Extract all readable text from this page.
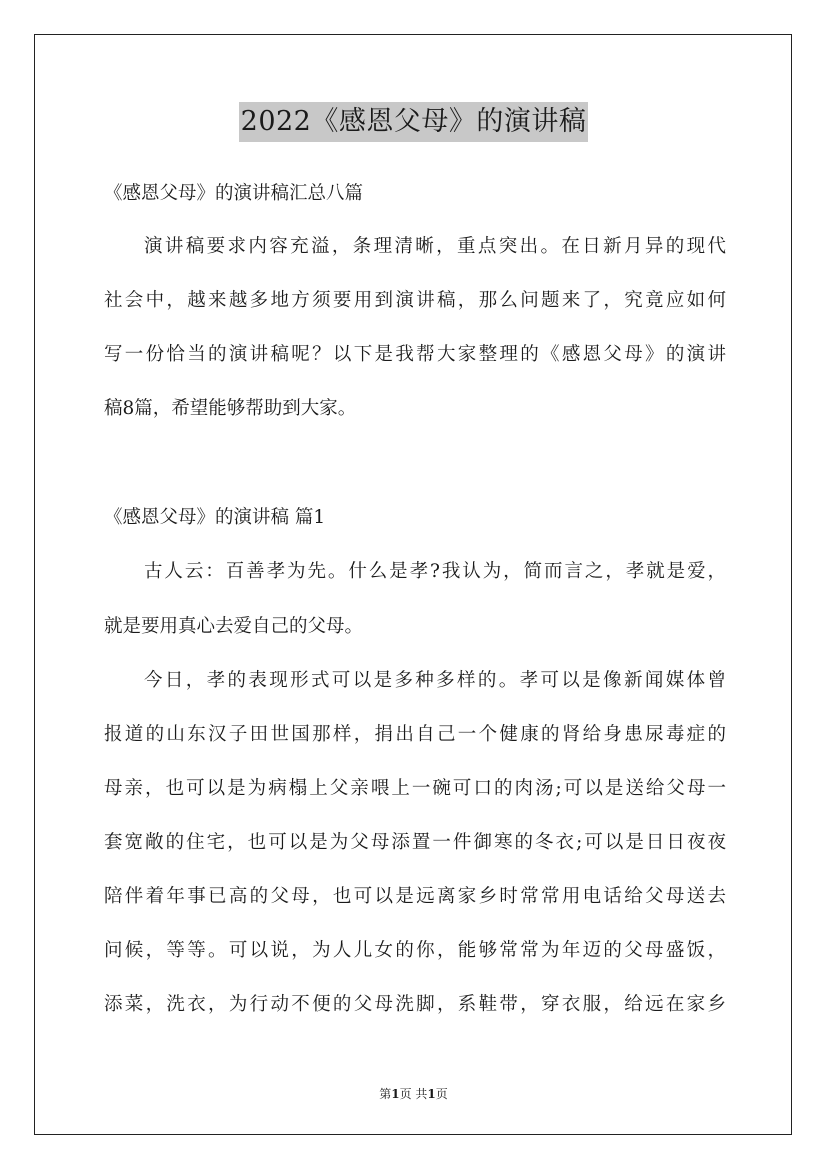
2022《感恩父母》的演讲稿

《感恩父母》的演讲稿汇总八篇

演讲稿要求内容充溢，条理清晰，重点突出。在日新月异的现代

社会中，越来越多地方须要用到演讲稿，那么问题来了，究竟应如何

写一份恰当的演讲稿呢？以下是我帮大家整理的《感恩父母》的演讲

稿8篇，希望能够帮助到大家。

《感恩父母》的演讲稿 篇1

古人云：百善孝为先。什么是孝?我认为，简而言之，孝就是爱，

就是要用真心去爱自己的父母。

今日，孝的表现形式可以是多种多样的。孝可以是像新闻媒体曾

报道的山东汉子田世国那样，捐出自己一个健康的肾给身患尿毒症的

母亲，也可以是为病榻上父亲喂上一碗可口的肉汤;可以是送给父母一

套宽敞的住宅，也可以是为父母添置一件御寒的冬衣;可以是日日夜夜

陪伴着年事已高的父母，也可以是远离家乡时常常用电话给父母送去

问候，等等。可以说，为人儿女的你，能够常常为年迈的父母盛饭，

添菜，洗衣，为行动不便的父母洗脚，系鞋带，穿衣服，给远在家乡

第1页 共1页
